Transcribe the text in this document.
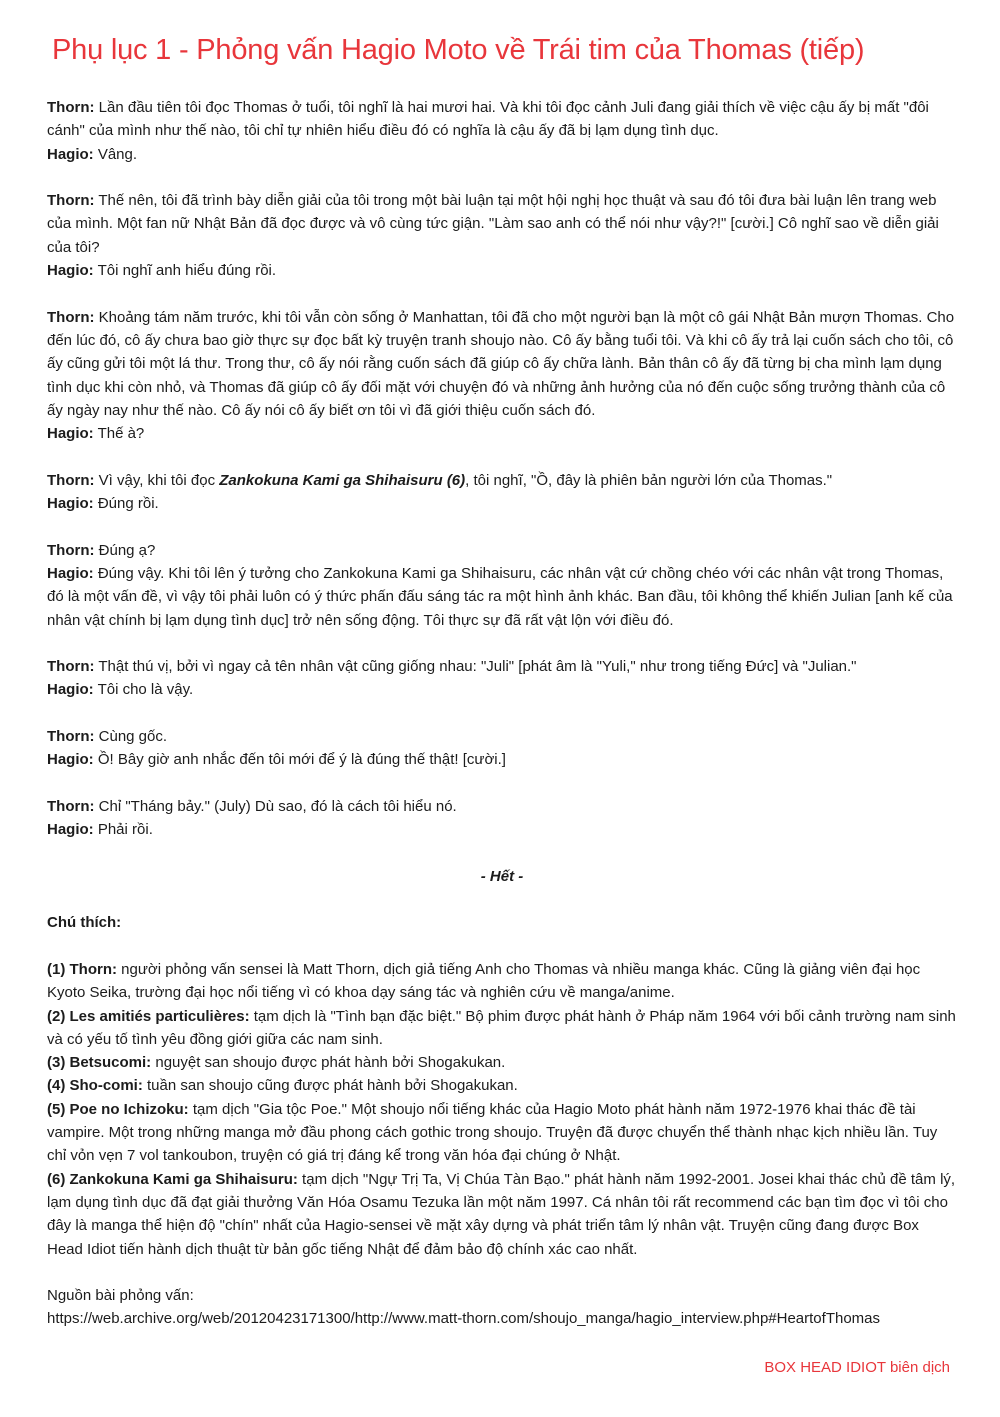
Phụ lục 1 - Phỏng vấn Hagio Moto về Trái tim của Thomas (tiếp)

Thorn: Lần đầu tiên tôi đọc Thomas ở tuổi, tôi nghĩ là hai mươi hai. Và khi tôi đọc cảnh Juli đang giải thích về việc cậu ấy bị mất "đôi cánh" của mình như thế nào, tôi chỉ tự nhiên hiểu điều đó có nghĩa là cậu ấy đã bị lạm dụng tình dục.

Hagio: Vâng.

Thorn: Thế nên, tôi đã trình bày diễn giải của tôi trong một bài luận tại một hội nghị học thuật và sau đó tôi đưa bài luận lên trang web của mình. Một fan nữ Nhật Bản đã đọc được và vô cùng tức giận. "Làm sao anh có thể nói như vậy?!" [cười.] Cô nghĩ sao về diễn giải của tôi?

Hagio: Tôi nghĩ anh hiểu đúng rồi.

Thorn: Khoảng tám năm trước, khi tôi vẫn còn sống ở Manhattan, tôi đã cho một người bạn là một cô gái Nhật Bản mượn Thomas. Cho đến lúc đó, cô ấy chưa bao giờ thực sự đọc bất kỳ truyện tranh shoujo nào. Cô ấy bằng tuổi tôi. Và khi cô ấy trả lại cuốn sách cho tôi, cô ấy cũng gửi tôi một lá thư. Trong thư, cô ấy nói rằng cuốn sách đã giúp cô ấy chữa lành. Bản thân cô ấy đã từng bị cha mình lạm dụng tình dục khi còn nhỏ, và Thomas đã giúp cô ấy đối mặt với chuyện đó và những ảnh hưởng của nó đến cuộc sống trưởng thành của cô ấy ngày nay như thế nào. Cô ấy nói cô ấy biết ơn tôi vì đã giới thiệu cuốn sách đó.

Hagio: Thế à?

Thorn: Vì vậy, khi tôi đọc Zankokuna Kami ga Shihaisuru (6), tôi nghĩ, "Ồ, đây là phiên bản người lớn của Thomas."

Hagio: Đúng rồi.

Thorn: Đúng ạ?

Hagio: Đúng vậy. Khi tôi lên ý tưởng cho Zankokuna Kami ga Shihaisuru, các nhân vật cứ chồng chéo với các nhân vật trong Thomas, đó là một vấn đề, vì vậy tôi phải luôn có ý thức phấn đấu sáng tác ra một hình ảnh khác. Ban đầu, tôi không thể khiến Julian [anh kế của nhân vật chính bị lạm dụng tình dục] trở nên sống động. Tôi thực sự đã rất vật lộn với điều đó.

Thorn: Thật thú vị, bởi vì ngay cả tên nhân vật cũng giống nhau: "Juli" [phát âm là "Yuli," như trong tiếng Đức] và "Julian."

Hagio: Tôi cho là vậy.

Thorn: Cùng gốc.

Hagio: Ồ! Bây giờ anh nhắc đến tôi mới để ý là đúng thế thật! [cười.]

Thorn: Chỉ "Tháng bảy." (July) Dù sao, đó là cách tôi hiểu nó.

Hagio: Phải rồi.

- Hết -
Chú thích:

(1) Thorn: người phỏng vấn sensei là Matt Thorn, dịch giả tiếng Anh cho Thomas và nhiều manga khác. Cũng là giảng viên đại học Kyoto Seika, trường đại học nổi tiếng vì có khoa dạy sáng tác và nghiên cứu về manga/anime.

(2) Les amitiés particulières: tạm dịch là "Tình bạn đặc biệt." Bộ phim được phát hành ở Pháp năm 1964 với bối cảnh trường nam sinh và có yếu tố tình yêu đồng giới giữa các nam sinh.

(3) Betsucomi: nguyệt san shoujo được phát hành bởi Shogakukan.

(4) Sho-comi: tuần san shoujo cũng được phát hành bởi Shogakukan.

(5) Poe no Ichizoku: tạm dịch "Gia tộc Poe." Một shoujo nổi tiếng khác của Hagio Moto phát hành năm 1972-1976 khai thác đề tài vampire. Một trong những manga mở đầu phong cách gothic trong shoujo. Truyện đã được chuyển thể thành nhạc kịch nhiều lần. Tuy chỉ vỏn vẹn 7 vol tankoubon, truyện có giá trị đáng kể trong văn hóa đại chúng ở Nhật.

(6) Zankokuna Kami ga Shihaisuru: tạm dịch "Ngự Trị Ta, Vị Chúa Tàn Bạo." phát hành năm 1992-2001. Josei khai thác chủ đề tâm lý, lạm dụng tình dục đã đạt giải thưởng Văn Hóa Osamu Tezuka lần một năm 1997. Cá nhân tôi rất recommend các bạn tìm đọc vì tôi cho đây là manga thể hiện độ "chín" nhất của Hagio-sensei về mặt xây dựng và phát triển tâm lý nhân vật. Truyện cũng đang được Box Head Idiot tiến hành dịch thuật từ bản gốc tiếng Nhật để đảm bảo độ chính xác cao nhất.

Nguồn bài phỏng vấn:

https://web.archive.org/web/20120423171300/http://www.matt-thorn.com/shoujo_manga/hagio_interview.php#HeartofThomas

BOX HEAD IDIOT biên dịch
